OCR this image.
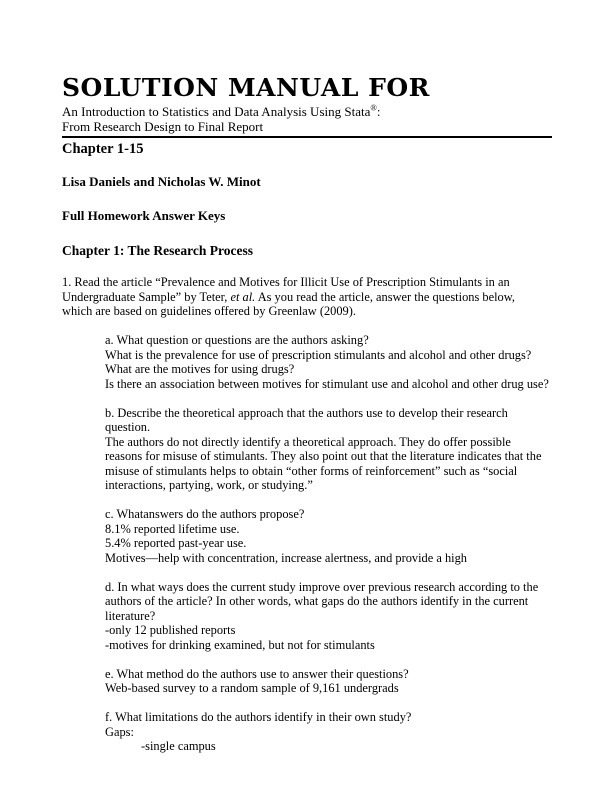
SOLUTION MANUAL FOR
An Introduction to Statistics and Data Analysis Using Stata®:
From Research Design to Final Report
Chapter 1-15
Lisa Daniels and Nicholas W. Minot
Full Homework Answer Keys
Chapter 1: The Research Process
1. Read the article “Prevalence and Motives for Illicit Use of Prescription Stimulants in an
Undergraduate Sample” by Teter, et al. As you read the article, answer the questions below,
which are based on guidelines offered by Greenlaw (2009).
a. What question or questions are the authors asking?
What is the prevalence for use of prescription stimulants and alcohol and other drugs?
What are the motives for using drugs?
Is there an association between motives for stimulant use and alcohol and other drug use?
b. Describe the theoretical approach that the authors use to develop their research
question.
The authors do not directly identify a theoretical approach. They do offer possible
reasons for misuse of stimulants. They also point out that the literature indicates that the
misuse of stimulants helps to obtain “other forms of reinforcement” such as “social
interactions, partying, work, or studying.”
c. Whatanswers do the authors propose?
8.1% reported lifetime use.
5.4% reported past-year use.
Motives—help with concentration, increase alertness, and provide a high
d. In what ways does the current study improve over previous research according to the
authors of the article? In other words, what gaps do the authors identify in the current
literature?
-only 12 published reports
-motives for drinking examined, but not for stimulants
e. What method do the authors use to answer their questions?
Web-based survey to a random sample of 9,161 undergrads
f. What limitations do the authors identify in their own study?
Gaps:
-single campus
